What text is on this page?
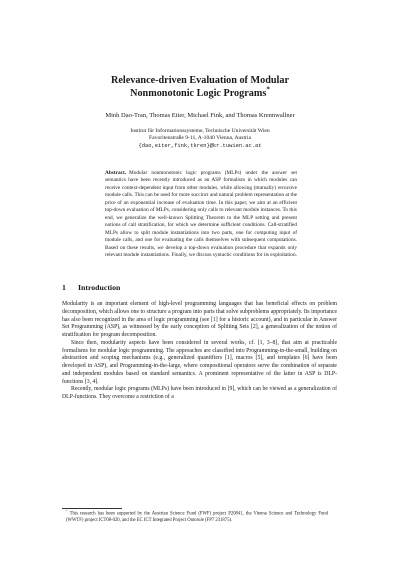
Relevance-driven Evaluation of Modular
Nonmonotonic Logic Programs*
Minh Dao-Tran, Thomas Eiter, Michael Fink, and Thomas Krennwallner
Institut für Informationssysteme, Technische Universität Wien
Favoritenstraße 9-11, A-1040 Vienna, Austria
{dao,eiter,fink,tkren}@kr.tuwien.ac.at
Abstract. Modular nonmonotonic logic programs (MLPs) under the answer set semantics have been recently introduced as an ASP formalism in which modules can receive context-dependent input from other modules, while allowing (mutually) recursive module calls. This can be used for more succinct and natural problem representation at the price of an exponential increase of evaluation time. In this paper, we aim at an efficient top-down evaluation of MLPs, considering only calls to relevant module instances. To this end, we generalize the well-known Splitting Theorem to the MLP setting and present notions of call stratification, for which we determine sufficient conditions. Call-stratified MLPs allow to split module instantiations into two parts, one for computing input of module calls, and one for evaluating the calls themselves with subsequent computations. Based on these results, we develop a top-down evaluation procedure that expands only relevant module instantiations. Finally, we discuss syntactic conditions for its exploitation.
1 Introduction

Modularity is an important element of high-level programming languages that has beneficial effects on problem decomposition, which allows one to structure a program into parts that solve subproblems appropriately. Its importance has also been recognized in the area of logic programming (see [1] for a historic account), and in particular in Answer Set Programming (ASP), as witnessed by the early conception of Splitting Sets [2], a generalization of the notion of stratification for program decomposition.

Since then, modularity aspects have been considered in several works, cf. [1, 3–8], that aim at practicable formalisms for modular logic programming. The approaches are classified into Programming-in-the-small, building on abstraction and scoping mechanisms (e.g., generalized quantifiers [1], macros [5], and templates [6] have been developed in ASP), and Programming-in-the-large, where compositional operators serve the combination of separate and independent modules based on standard semantics. A prominent representative of the latter in ASP is DLP-functions [3, 4].

Recently, modular logic programs (MLPs) have been introduced in [9], which can be viewed as a generalization of DLP-functions. They overcome a restriction of a

* This research has been supported by the Austrian Science Fund (FWF) project P20841, the Vienna Science and Technology Fund (WWTF) project ICT08-020, and the EC ICT Integrated Project Ontorule (FP7 231875).
